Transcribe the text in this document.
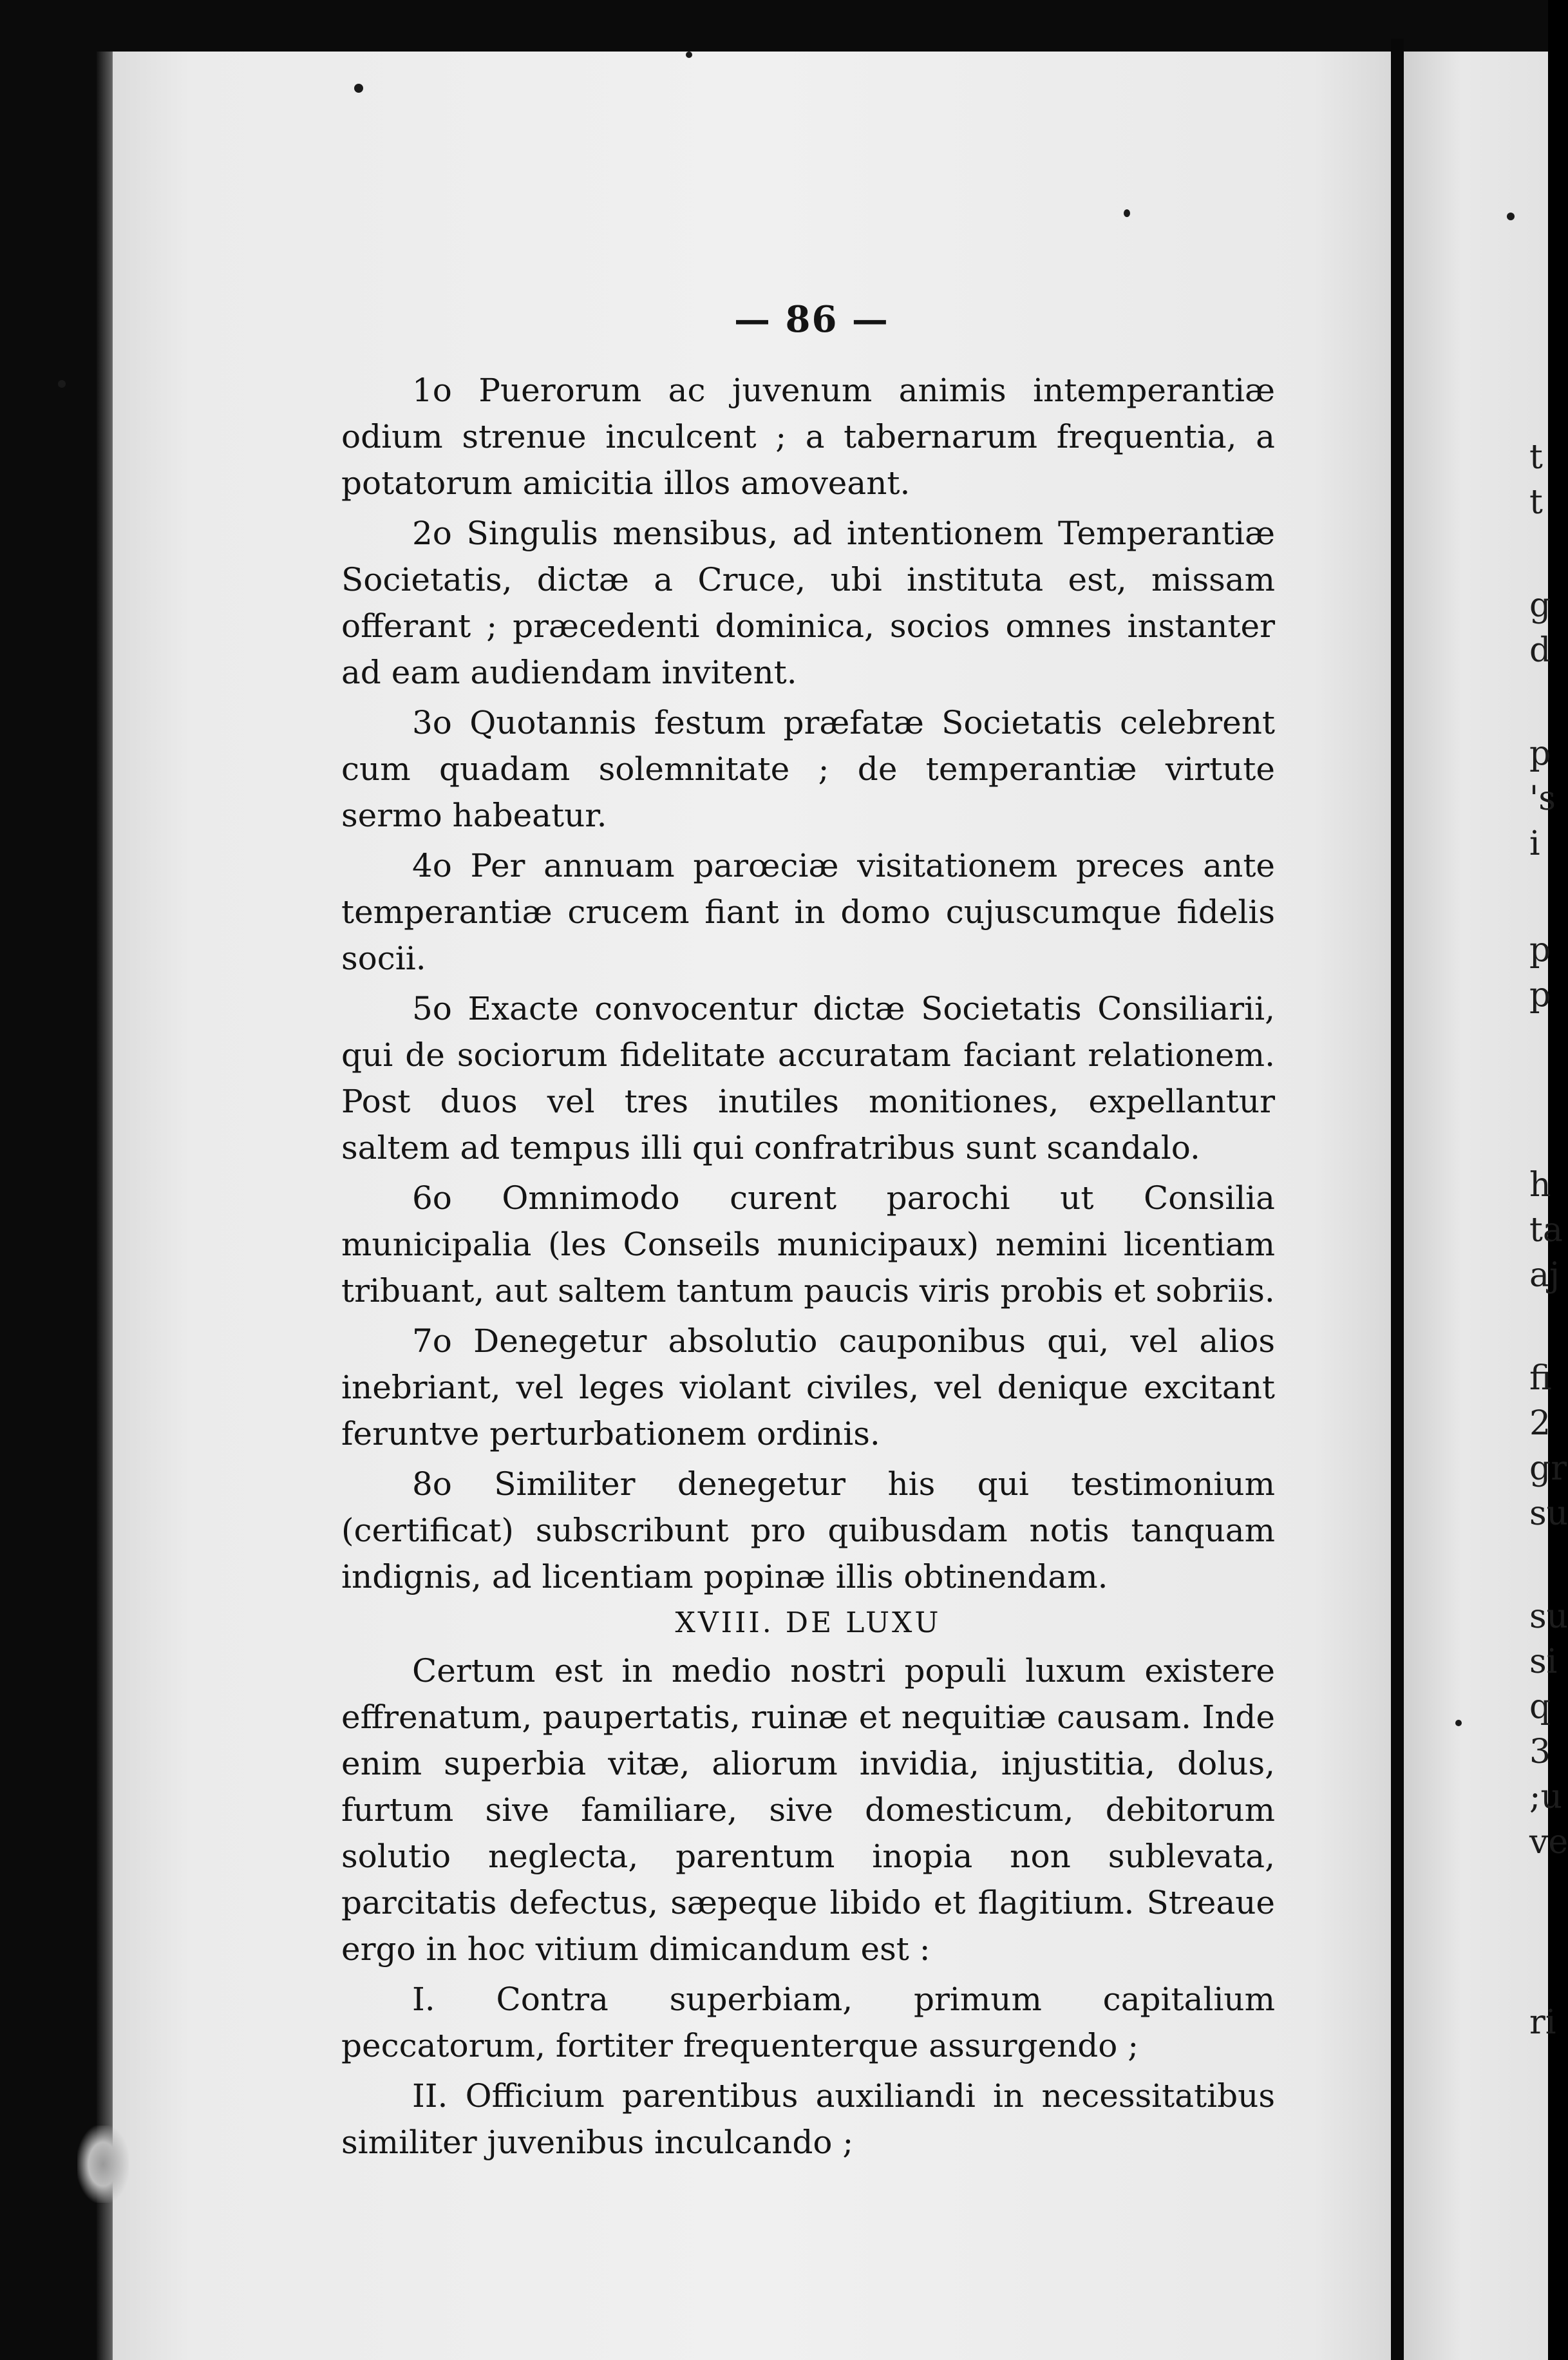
t
t
g
d
p
's
i
p
p
h
ta
aj
fi
2
gr
su
su
si
q
3
;u
ve
ri
— 86 —

1o Puerorum ac juvenum animis intemperantiæ odium strenue inculcent ; a tabernarum frequentia, a potatorum amicitia illos amoveant.

2o Singulis mensibus, ad intentionem Temperantiæ Societatis, dictæ a Cruce, ubi instituta est, missam offerant ; præcedenti dominica, socios omnes instanter ad eam audiendam invitent.

3o Quotannis festum præfatæ Societatis celebrent cum quadam solemnitate ; de temperantiæ virtute sermo habeatur.

4o Per annuam parœciæ visitationem preces ante temperantiæ crucem fiant in domo cujuscumque fidelis socii.

5o Exacte convocentur dictæ Societatis Consiliarii, qui de sociorum fidelitate accuratam faciant relationem. Post duos vel tres inutiles monitiones, expellantur saltem ad tempus illi qui confratribus sunt scandalo.

6o Omnimodo curent parochi ut Consilia municipalia (les Conseils municipaux) nemini licentiam tribuant, aut saltem tantum paucis viris probis et sobriis.

7o Denegetur absolutio cauponibus qui, vel alios inebriant, vel leges violant civiles, vel denique excitant feruntve perturbationem ordinis.

8o Similiter denegetur his qui testimonium (certificat) subscribunt pro quibusdam notis tanquam indignis, ad licentiam popinæ illis obtinendam.

XVIII. DE LUXU

Certum est in medio nostri populi luxum existere effrenatum, paupertatis, ruinæ et nequitiæ causam. Inde enim superbia vitæ, aliorum invidia, injustitia, dolus, furtum sive familiare, sive domesticum, debitorum solutio neglecta, parentum inopia non sublevata, parcitatis defectus, sæpeque libido et flagitium. Streaue ergo in hoc vitium dimicandum est :

I. Contra superbiam, primum capitalium peccatorum, fortiter frequenterque assurgendo ;

II. Officium parentibus auxiliandi in necessitatibus similiter juvenibus inculcando ;
